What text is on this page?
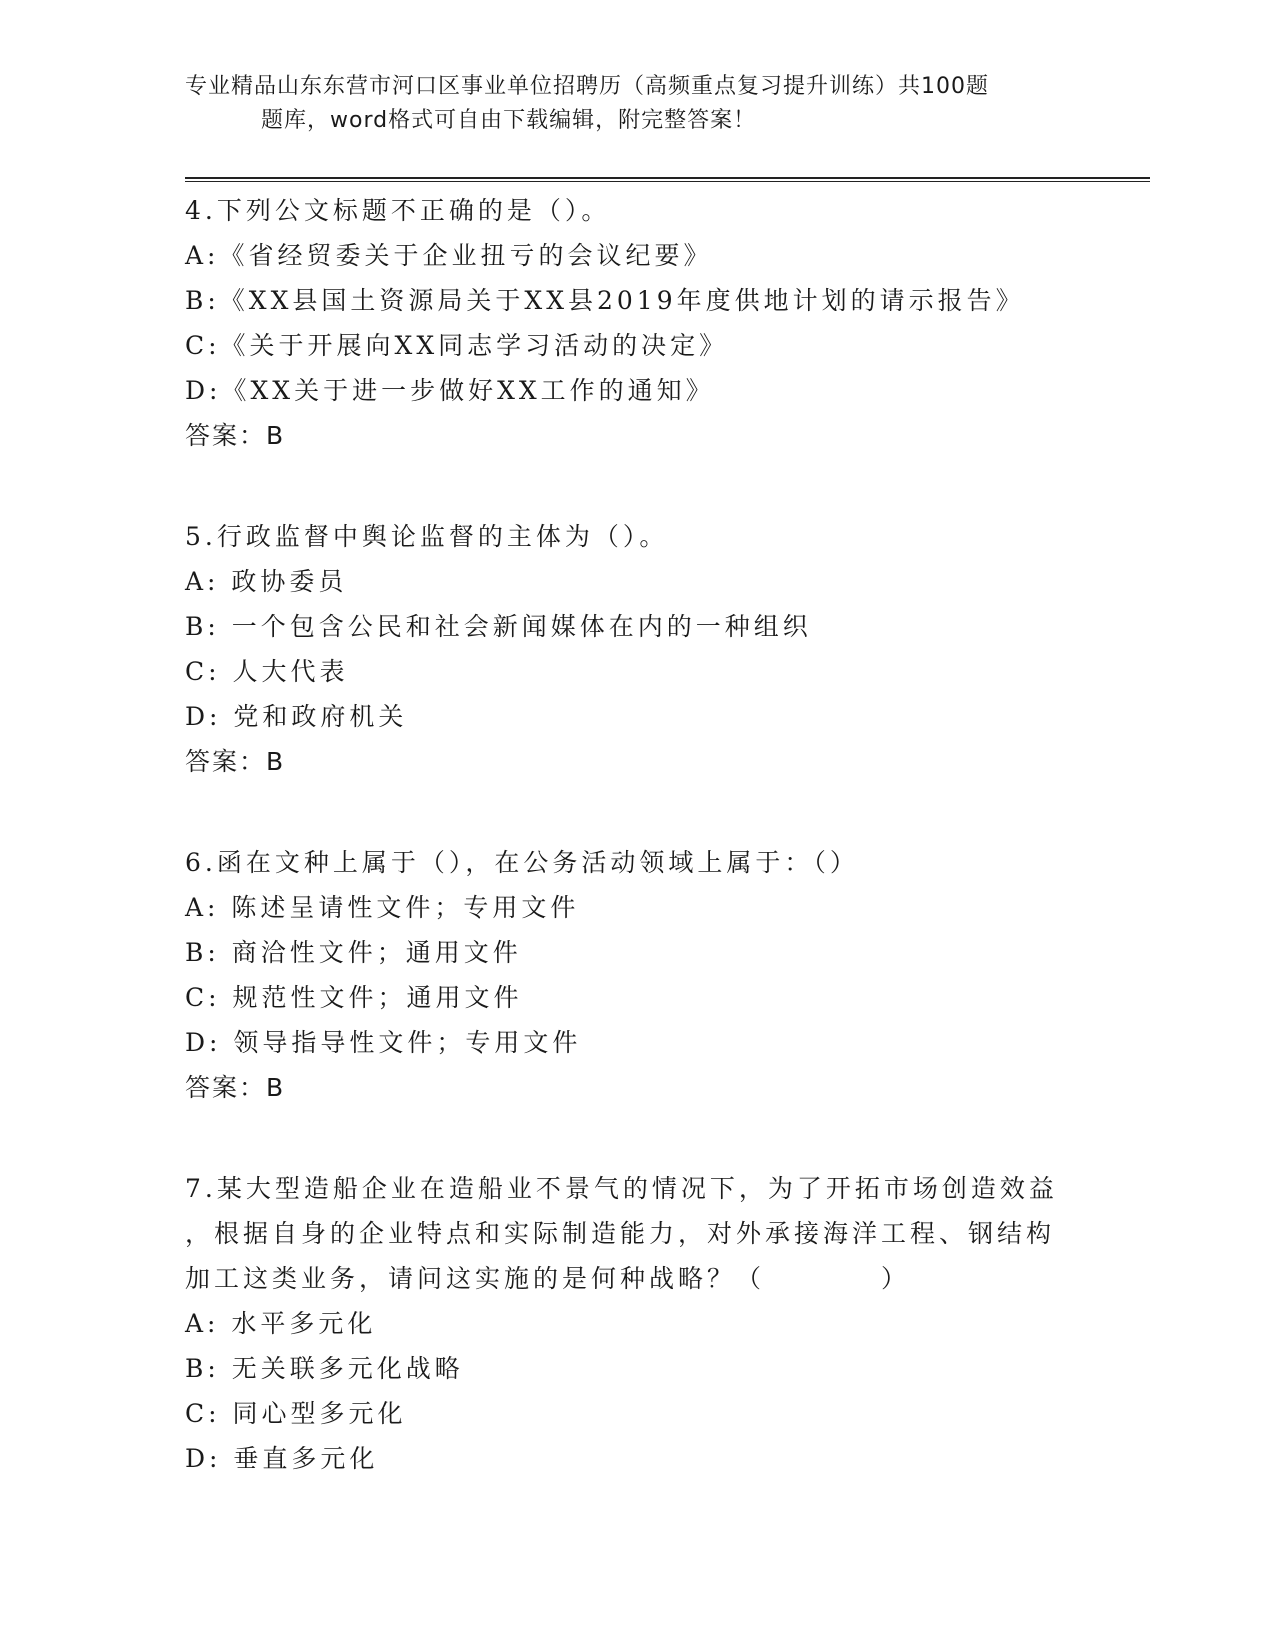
专业精品山东东营市河口区事业单位招聘历（高频重点复习提升训练）共100题
题库，word格式可自由下载编辑，附完整答案！

4.下列公文标题不正确的是（）。

A:《省经贸委关于企业扭亏的会议纪要》

B:《XX县国土资源局关于XX县2019年度供地计划的请示报告》

C:《关于开展向XX同志学习活动的决定》

D:《XX关于进一步做好XX工作的通知》

答案：B

5.行政监督中舆论监督的主体为（）。

A: 政协委员

B: 一个包含公民和社会新闻媒体在内的一种组织

C: 人大代表

D: 党和政府机关

答案：B

6.函在文种上属于（），在公务活动领域上属于：（）

A: 陈述呈请性文件；专用文件

B: 商洽性文件；通用文件

C: 规范性文件；通用文件

D: 领导指导性文件；专用文件

答案：B

7.某大型造船企业在造船业不景气的情况下，为了开拓市场创造效益

，根据自身的企业特点和实际制造能力，对外承接海洋工程、钢结构

加工这类业务，请问这实施的是何种战略？（　　　　）

A: 水平多元化

B: 无关联多元化战略

C: 同心型多元化

D: 垂直多元化
